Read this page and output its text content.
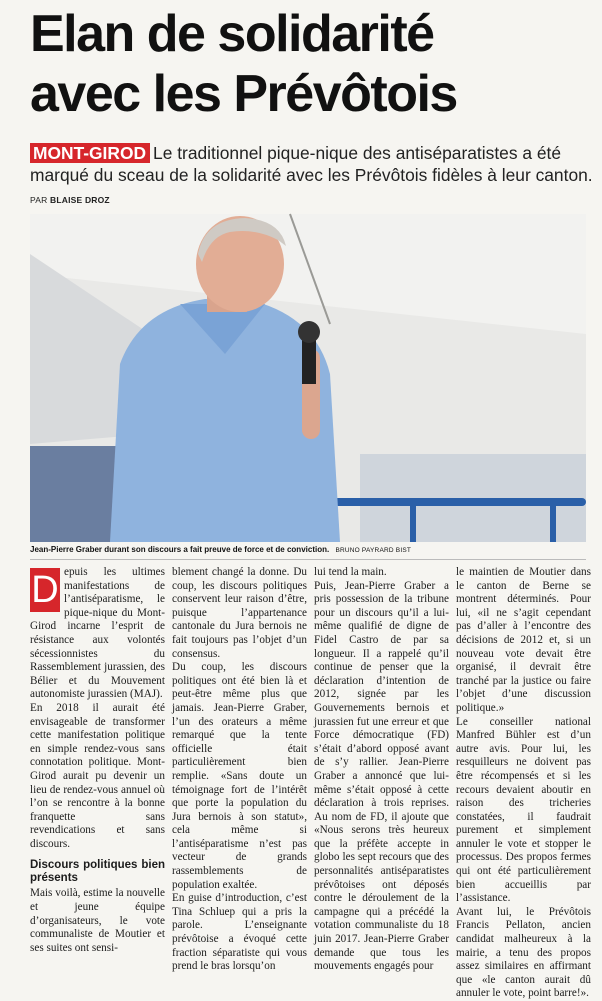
Elan de solidarité
avec les Prévôtois
MONT-GIROD Le traditionnel pique-nique des antiséparatistes a été marqué du sceau de la solidarité avec les Prévôtois fidèles à leur canton.
PAR BLAISE DROZ
Jean-Pierre Graber durant son discours a fait preuve de force et de conviction. BRUNO PAYRARD BIST
D epuis les ultimes manifestations de l’antiséparatisme, le pique-nique du Mont-Girod incarne l’esprit de résistance aux volontés sécessionnistes du Rassemblement jurassien, des Bélier et du Mouvement autonomiste jurassien (MAJ).

En 2018 il aurait été envisageable de transformer cette manifestation politique en simple rendez-vous sans connotation politique. Mont-Girod aurait pu devenir un lieu de rendez-vous annuel où l’on se rencontre à la bonne franquette sans revendications et sans discours.

Discours politiques bien présents

Mais voilà, estime la nouvelle et jeune équipe d’organisateurs, le vote communaliste de Moutier et ses suites ont sensi-

blement changé la donne. Du coup, les discours politiques conservent leur raison d’être, puisque l’appartenance cantonale du Jura bernois ne fait toujours pas l’objet d’un consensus.

Du coup, les discours politiques ont été bien là et peut-être même plus que jamais. Jean-Pierre Graber, l’un des orateurs a même remarqué que la tente officielle était particulièrement bien remplie. «Sans doute un témoignage fort de l’intérêt que porte la population du Jura bernois à son statut», cela même si l’antiséparatisme n’est pas vecteur de grands rassemblements de population exaltée.

En guise d’introduction, c’est Tina Schluep qui a pris la parole. L’enseignante prévôtoise a évoqué cette fraction séparatiste qui vous prend le bras lorsqu’on

lui tend la main.

Puis, Jean-Pierre Graber a pris possession de la tribune pour un discours qu’il a lui-même qualifié de digne de Fidel Castro de par sa longueur. Il a rappelé qu’il continue de penser que la déclaration d’intention de 2012, signée par les Gouvernements bernois et jurassien fut une erreur et que Force démocratique (FD) s’était d’abord opposé avant de s’y rallier. Jean-Pierre Graber a annoncé que lui-même s’était opposé à cette déclaration à trois reprises. Au nom de FD, il ajoute que «Nous serons très heureux que la préfète accepte in globo les sept recours que des personnalités antiséparatistes prévôtoises ont déposés contre le déroulement de la campagne qui a précédé la votation communaliste du 18 juin 2017. Jean-Pierre Graber demande que tous les mouvements engagés pour

le maintien de Moutier dans le canton de Berne se montrent déterminés. Pour lui, «il ne s’agit cependant pas d’aller à l’encontre des décisions de 2012 et, si un nouveau vote devait être organisé, il devrait être tranché par la justice ou faire l’objet d’une discussion politique.»

Le conseiller national Manfred Bühler est d’un autre avis. Pour lui, les resquilleurs ne doivent pas être récompensés et si les recours devaient aboutir en raison des tricheries constatées, il faudrait purement et simplement annuler le vote et stopper le processus. Des propos fermes qui ont été particulièrement bien accueillis par l’assistance.

Avant lui, le Prévôtois Francis Pellaton, ancien candidat malheureux à la mairie, a tenu des propos assez similaires en affirmant que «le canton aurait dû annuler le vote, point barre!».
